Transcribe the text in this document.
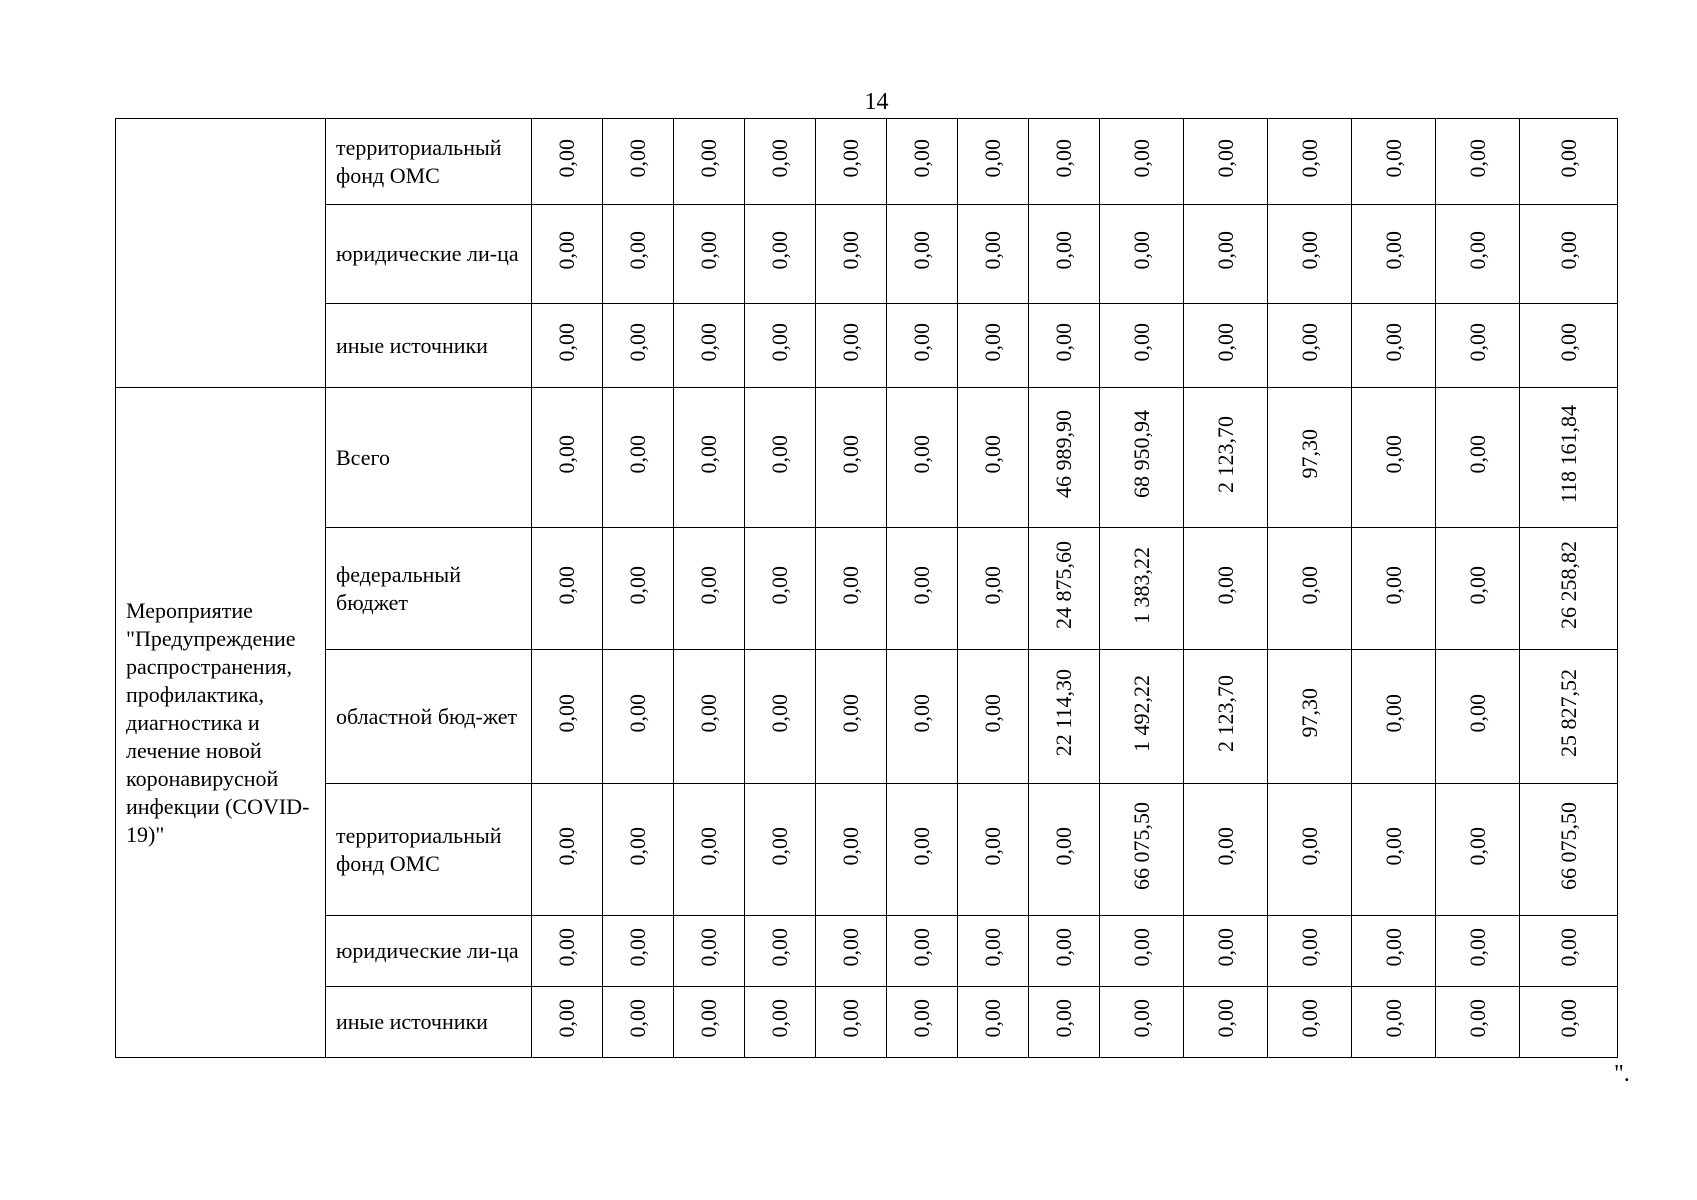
14
	территориальный фонд ОМС	0,00	0,00	0,00	0,00	0,00	0,00	0,00	0,00	0,00	0,00	0,00	0,00	0,00	0,00
	юридические ли-ца	0,00	0,00	0,00	0,00	0,00	0,00	0,00	0,00	0,00	0,00	0,00	0,00	0,00	0,00
	иные источники	0,00	0,00	0,00	0,00	0,00	0,00	0,00	0,00	0,00	0,00	0,00	0,00	0,00	0,00
Мероприятие "Предупреждение распространения, профилактика, диагностика и лечение новой коронавирусной инфекции (COVID-19)"	Всего	0,00	0,00	0,00	0,00	0,00	0,00	0,00	46 989,90	68 950,94	2 123,70	97,30	0,00	0,00	118 161,84
	федеральный бюджет	0,00	0,00	0,00	0,00	0,00	0,00	0,00	24 875,60	1 383,22	0,00	0,00	0,00	0,00	26 258,82
	областной бюд-жет	0,00	0,00	0,00	0,00	0,00	0,00	0,00	22 114,30	1 492,22	2 123,70	97,30	0,00	0,00	25 827,52
	территориальный фонд ОМС	0,00	0,00	0,00	0,00	0,00	0,00	0,00	0,00	66 075,50	0,00	0,00	0,00	0,00	66 075,50
	юридические ли-ца	0,00	0,00	0,00	0,00	0,00	0,00	0,00	0,00	0,00	0,00	0,00	0,00	0,00	0,00
	иные источники	0,00	0,00	0,00	0,00	0,00	0,00	0,00	0,00	0,00	0,00	0,00	0,00	0,00	0,00
".
